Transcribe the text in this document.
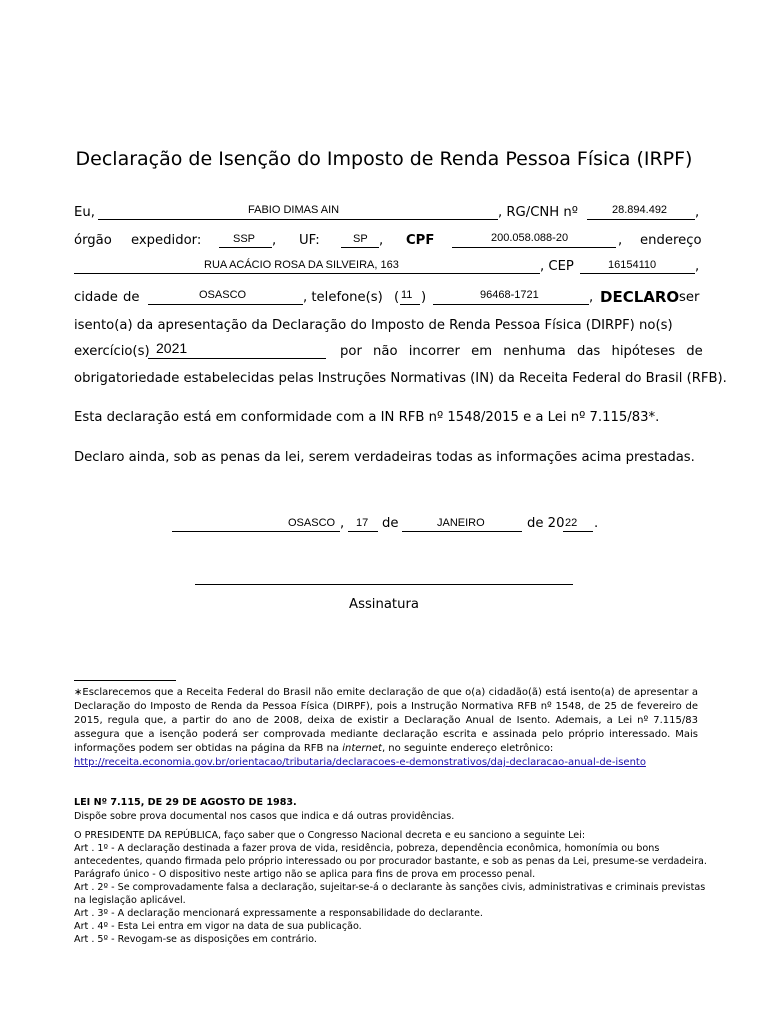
Declaração de Isenção do Imposto de Renda Pessoa Física (IRPF)
Eu,	FABIO DIMAS AIN	, RG/CNH nº	28.894.492 ,
órgão expedidor:	SSP , UF:	SP , CPF	200.058.088-20	, endereço
RUA ACÁCIO ROSA DA SILVEIRA, 163	, CEP	16154110	,
cidade de	OSASCO	, telefone(s) ( 11 )	96468-1721	, DECLARO ser
isento(a) da apresentação da Declaração do Imposto de Renda Pessoa Física (DIRPF) no(s)
exercício(s) 2021	por não incorrer em nenhuma das hipóteses de
obrigatoriedade estabelecidas pelas Instruções Normativas (IN) da Receita Federal do Brasil (RFB).
Esta declaração está em conformidade com a IN RFB nº 1548/2015 e a Lei nº 7.115/83*.
Declaro ainda, sob as penas da lei, serem verdadeiras todas as informações acima prestadas.
OSASCO , 17 de	JANEIRO	de 20 22 .
Assinatura
∗Esclarecemos que a Receita Federal do Brasil não emite declaração de que o(a) cidadão(ã) está isento(a) de apresentar a Declaração do Imposto de Renda da Pessoa Física (DIRPF), pois a Instrução Normativa RFB nº 1548, de 25 de fevereiro de 2015, regula que, a partir do ano de 2008, deixa de existir a Declaração Anual de Isento. Ademais, a Lei nº 7.115/83 assegura que a isenção poderá ser comprovada mediante declaração escrita e assinada pelo próprio interessado. Mais informações podem ser obtidas na página da RFB na internet, no seguinte endereço eletrônico:
http://receita.economia.gov.br/orientacao/tributaria/declaracoes-e-demonstrativos/daj-declaracao-anual-de-isento
LEI Nº 7.115, DE 29 DE AGOSTO DE 1983.
Dispõe sobre prova documental nos casos que indica e dá outras providências.
O PRESIDENTE DA REPÚBLICA, faço saber que o Congresso Nacional decreta e eu sanciono a seguinte Lei:
Art . 1º - A declaração destinada a fazer prova de vida, residência, pobreza, dependência econômica, homonímia ou bons
antecedentes, quando firmada pelo próprio interessado ou por procurador bastante, e sob as penas da Lei, presume-se verdadeira.
Parágrafo único - O dispositivo neste artigo não se aplica para fins de prova em processo penal.
Art . 2º - Se comprovadamente falsa a declaração, sujeitar-se-á o declarante às sanções civis, administrativas e criminais previstas
na legislação aplicável.
Art . 3º - A declaração mencionará expressamente a responsabilidade do declarante.
Art . 4º - Esta Lei entra em vigor na data de sua publicação.
Art . 5º - Revogam-se as disposições em contrário.
